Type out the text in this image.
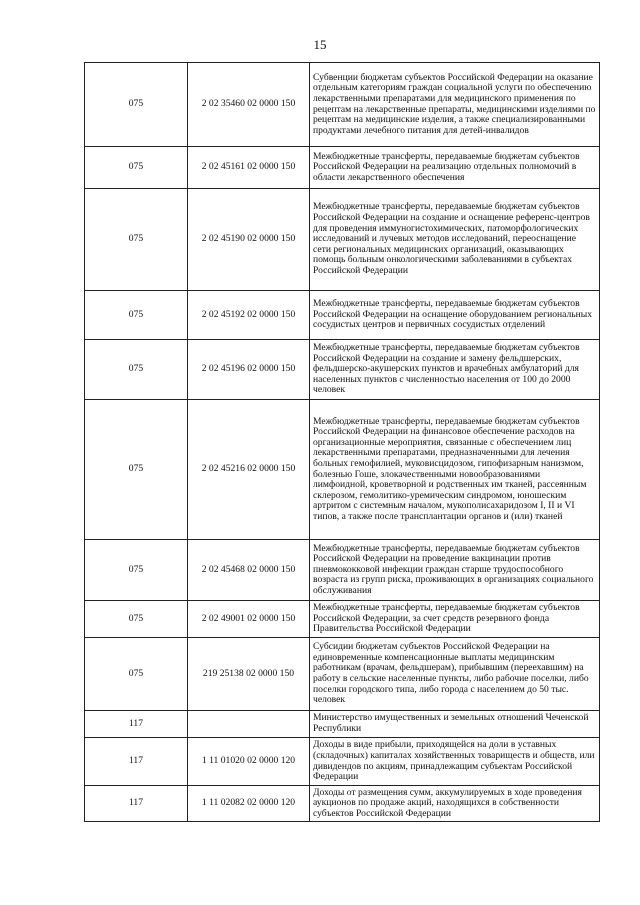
15
075	2 02 35460 02 0000 150	Субвенции бюджетам субъектов Российской Федерации на оказание отдельным категориям граждан социальной услуги по обеспечению лекарственными препаратами для медицинского применения по рецептам на лекарственные препараты, медицинскими изделиями по рецептам на медицинские изделия, а также специализированными продуктами лечебного питания для детей-инвалидов
075	2 02 45161 02 0000 150	Межбюджетные трансферты, передаваемые бюджетам субъектов Российской Федерации на реализацию отдельных полномочий в области лекарственного обеспечения
075	2 02 45190 02 0000 150	Межбюджетные трансферты, передаваемые бюджетам субъектов Российской Федерации на создание и оснащение референс-центров для проведения иммуногистохимических, патоморфологических исследований и лучевых методов исследований, переоснащение сети региональных медицинских организаций, оказывающих помощь больным онкологическими заболеваниями в субъектах Российской Федерации
075	2 02 45192 02 0000 150	Межбюджетные трансферты, передаваемые бюджетам субъектов Российской Федерации на оснащение оборудованием региональных сосудистых центров и первичных сосудистых отделений
075	2 02 45196 02 0000 150	Межбюджетные трансферты, передаваемые бюджетам субъектов Российской Федерации на создание и замену фельдшерских, фельдшерско-акушерских пунктов и врачебных амбулаторий для населенных пунктов с численностью населения от 100 до 2000 человек
075	2 02 45216 02 0000 150	Межбюджетные трансферты, передаваемые бюджетам субъектов Российской Федерации на финансовое обеспечение расходов на организационные мероприятия, связанные с обеспечением лиц лекарственными препаратами, предназначенными для лечения больных гемофилией, муковисцидозом, гипофизарным нанизмом, болезнью Гоше, злокачественными новообразованиями лимфоидной, кроветворной и родственных им тканей, рассеянным склерозом, гемолитико-уремическим синдромом, юношеским артритом с системным началом, мукополисахаридозом I, II и VI типов, а также после трансплантации органов и (или) тканей
075	2 02 45468 02 0000 150	Межбюджетные трансферты, передаваемые бюджетам субъектов Российской Федерации на проведение вакцинации против пневмококковой инфекции граждан старше трудоспособного возраста из групп риска, проживающих в организациях социального обслуживания
075	2 02 49001 02 0000 150	Межбюджетные трансферты, передаваемые бюджетам субъектов Российской Федерации, за счет средств резервного фонда Правительства Российской Федерации
075	219 25138 02 0000 150	Субсидии бюджетам субъектов Российской Федерации на единовременные компенсационные выплаты медицинским работникам (врачам, фельдшерам), прибывшим (переехавшим) на работу в сельские населенные пункты, либо рабочие поселки, либо поселки городского типа, либо города с населением до 50 тыс. человек
117		Министерство имущественных и земельных отношений Чеченской Республики
117	1 11 01020 02 0000 120	Доходы в виде прибыли, приходящейся на доли в уставных (складочных) капиталах хозяйственных товариществ и обществ, или дивидендов по акциям, принадлежащим субъектам Российской Федерации
117	1 11 02082 02 0000 120	Доходы от размещения сумм, аккумулируемых в ходе проведения аукционов по продаже акций, находящихся в собственности субъектов Российской Федерации
